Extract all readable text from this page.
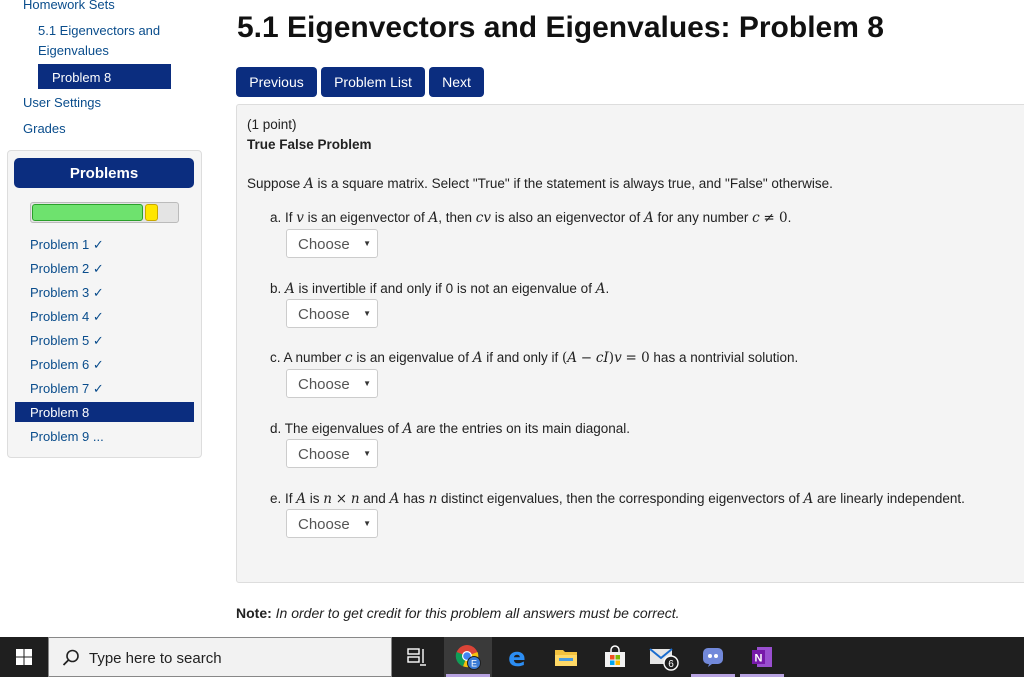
Homework Sets
5.1 Eigenvectors and
Eigenvalues
Problem 8
User Settings
Grades
Problems
Problem 1 ✓
Problem 2 ✓
Problem 3 ✓
Problem 4 ✓
Problem 5 ✓
Problem 6 ✓
Problem 7 ✓
Problem 8
Problem 9 ...
5.1 Eigenvectors and Eigenvalues: Problem 8
Previous	Problem List	Next
(1 point)
True False Problem
Suppose A is a square matrix. Select "True" if the statement is always true, and "False" otherwise.
a. If v is an eigenvector of A, then cv is also an eigenvector of A for any number c ≠ 0.
Choose ▼
b. A is invertible if and only if 0 is not an eigenvalue of A.
Choose ▼
c. A number c is an eigenvalue of A if and only if (A − cI)v = 0 has a nontrivial solution.
Choose ▼
d. The eigenvalues of A are the entries on its main diagonal.
Choose ▼
e. If A is n × n and A has n distinct eigenvalues, then the corresponding eigenvectors of A are linearly independent.
Choose ▼
Note: In order to get credit for this problem all answers must be correct.
Type here to search	E e	6	N
